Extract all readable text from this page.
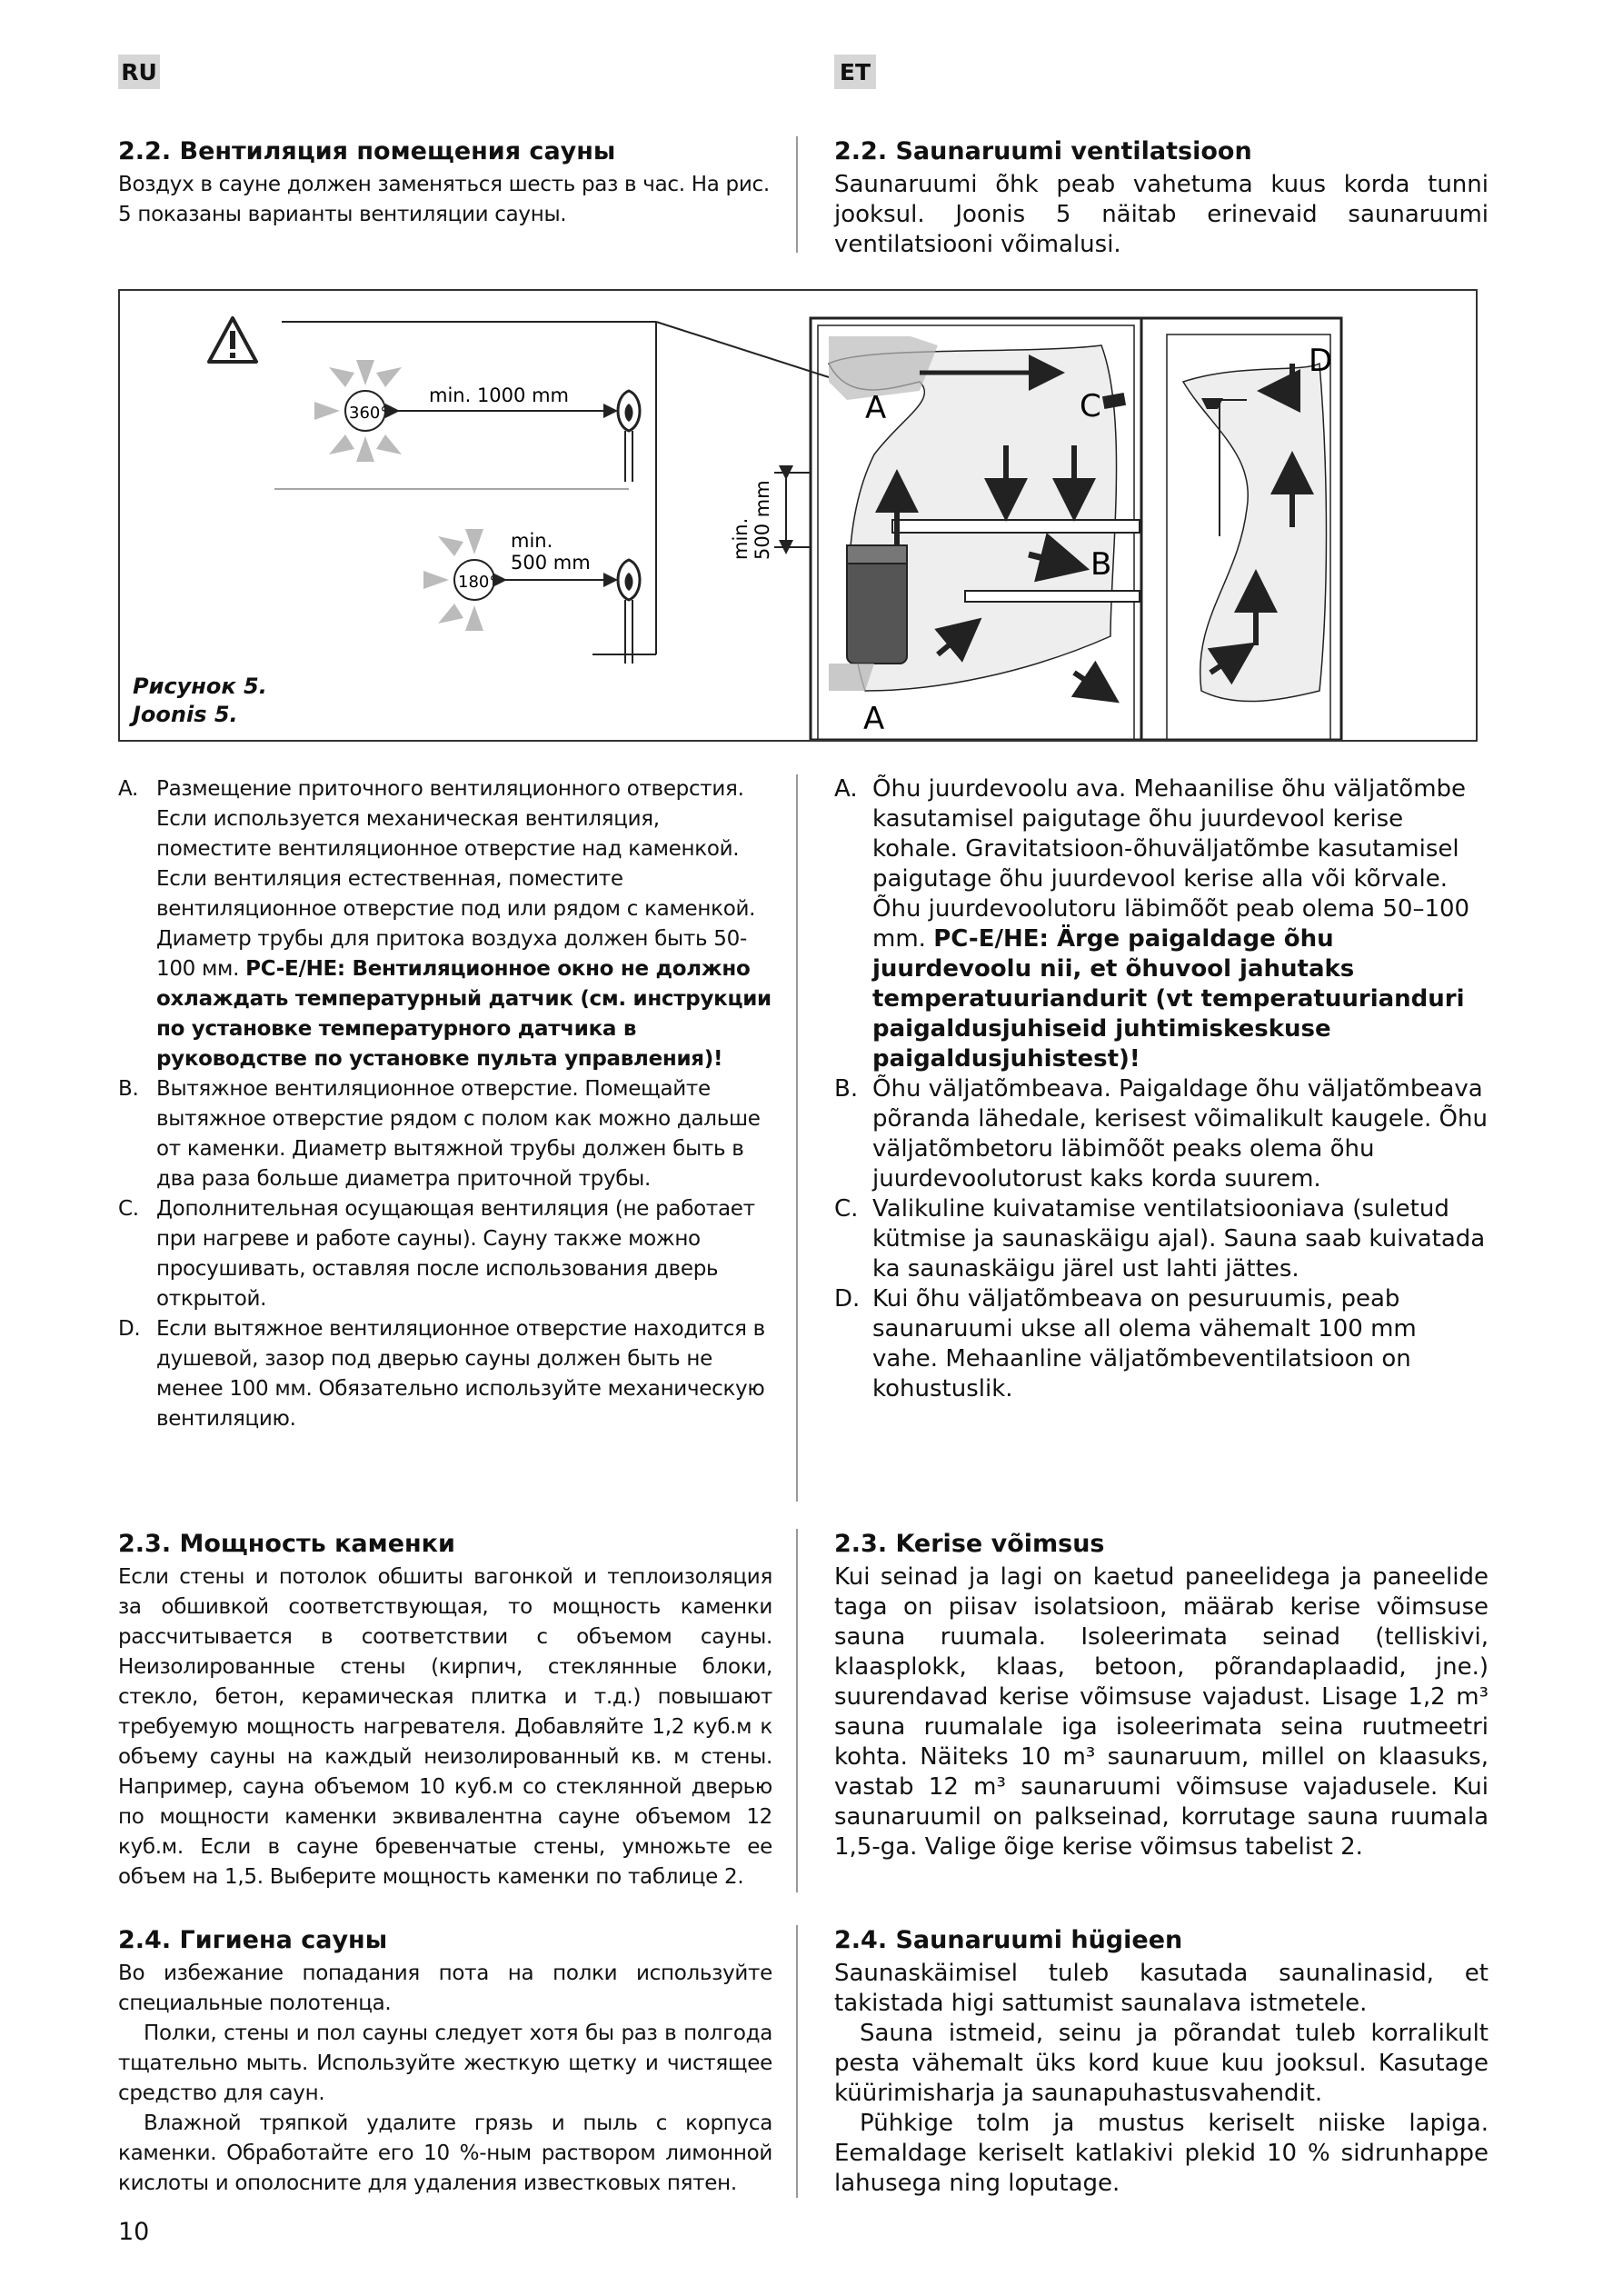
RU	ET
2.2. Вентиляция помещения сауны

Воздух в сауне должен заменяться шесть раз в час. На рис. 5 показаны варианты вентиляции сауны.

2.2. Saunaruumi ventilatsioon

Saunaruumi õhk peab vahetuma kuus korda tunni jooksul. Joonis 5 näitab erinevaid saunaruumi ventilatsiooni võimalusi.

360°
min. 1000 mm
180°
min.
500 mm
min. 500 mm
A
A
C
B
D
Рисунок 5.
Joonis 5.
A. Размещение приточного вентиляционного отверстия. Если используется механическая вентиляция, поместите вентиляционное отверстие над каменкой. Если вентиляция естественная, поместите вентиляционное отверстие под или рядом с каменкой. Диаметр трубы для притока воздуха должен быть 50-100 мм. PC-E/HE: Вентиляционное окно не должно охлаждать температурный датчик (см. инструкции по установке температурного датчика в руководстве по установке пульта управления)!
B. Вытяжное вентиляционное отверстие. Помещайте вытяжное отверстие рядом с полом как можно дальше от каменки. Диаметр вытяжной трубы должен быть в два раза больше диаметра приточной трубы.
C. Дополнительная осущающая вентиляция (не работает при нагреве и работе сауны). Сауну также можно просушивать, оставляя после использования дверь открытой.
D. Если вытяжное вентиляционное отверстие находится в душевой, зазор под дверью сауны должен быть не менее 100 мм. Обязательно используйте механическую вентиляцию.
A. Õhu juurdevoolu ava. Mehaanilise õhu väljatõmbe kasutamisel paigutage õhu juurdevool kerise kohale. Gravitatsioon-õhuväljatõmbe kasutamisel paigutage õhu juurdevool kerise alla või kõrvale. Õhu juurdevoolutoru läbimõõt peab olema 50–100 mm. PC-E/HE: Ärge paigaldage õhu juurdevoolu nii, et õhuvool jahutaks temperatuuriandurit (vt temperatuurianduri paigaldusjuhiseid juhtimiskeskuse paigaldusjuhistest)!
B. Õhu väljatõmbeava. Paigaldage õhu väljatõmbeava põranda lähedale, kerisest võimalikult kaugele. Õhu väljatõmbetoru läbimõõt peaks olema õhu juurdevoolutorust kaks korda suurem.
C. Valikuline kuivatamise ventilatsiooniava (suletud kütmise ja saunaskäigu ajal). Sauna saab kuivatada ka saunaskäigu järel ust lahti jättes.
D. Kui õhu väljatõmbeava on pesuruumis, peab saunaruumi ukse all olema vähemalt 100 mm vahe. Mehaanline väljatõmbeventilatsioon on kohustuslik.
2.3. Мощность каменки

Если стены и потолок обшиты вагонкой и теплоизоляция за обшивкой соответствующая, то мощность каменки рассчитывается в соответствии с объемом сауны. Неизолированные стены (кирпич, стеклянные блоки, стекло, бетон, керамическая плитка и т.д.) повышают требуемую мощность нагревателя. Добавляйте 1,2 куб.м к объему сауны на каждый неизолированный кв. м стены. Например, сауна объемом 10 куб.м со стеклянной дверью по мощности каменки эквивалентна сауне объемом 12 куб.м. Если в сауне бревенчатые стены, умножьте ее объем на 1,5. Выберите мощность каменки по таблице 2.

2.3. Kerise võimsus

Kui seinad ja lagi on kaetud paneelidega ja paneelide taga on piisav isolatsioon, määrab kerise võimsuse sauna ruumala. Isoleerimata seinad (telliskivi, klaasplokk, klaas, betoon, põrandaplaadid, jne.) suurendavad kerise võimsuse vajadust. Lisage 1,2 m³ sauna ruumalale iga isoleerimata seina ruutmeetri kohta. Näiteks 10 m³ saunaruum, millel on klaasuks, vastab 12 m³ saunaruumi võimsuse vajadusele. Kui saunaruumil on palkseinad, korrutage sauna ruumala 1,5-ga. Valige õige kerise võimsus tabelist 2.

2.4. Гигиена сауны

Во избежание попадания пота на полки используйте специальные полотенца.

Полки, стены и пол сауны следует хотя бы раз в полгода тщательно мыть. Используйте жесткую щетку и чистящее средство для саун.

Влажной тряпкой удалите грязь и пыль с корпуса каменки. Обработайте его 10 %-ным раствором лимонной кислоты и ополосните для удаления известковых пятен.

2.4. Saunaruumi hügieen

Saunaskäimisel tuleb kasutada saunalinasid, et takistada higi sattumist saunalava istmetele.

Sauna istmeid, seinu ja põrandat tuleb korralikult pesta vähemalt üks kord kuue kuu jooksul. Kasutage küürimisharja ja saunapuhastusvahendit.

Pühkige tolm ja mustus keriselt niiske lapiga. Eemaldage keriselt katlakivi plekid 10 % sidrunhappe lahusega ning loputage.

10
